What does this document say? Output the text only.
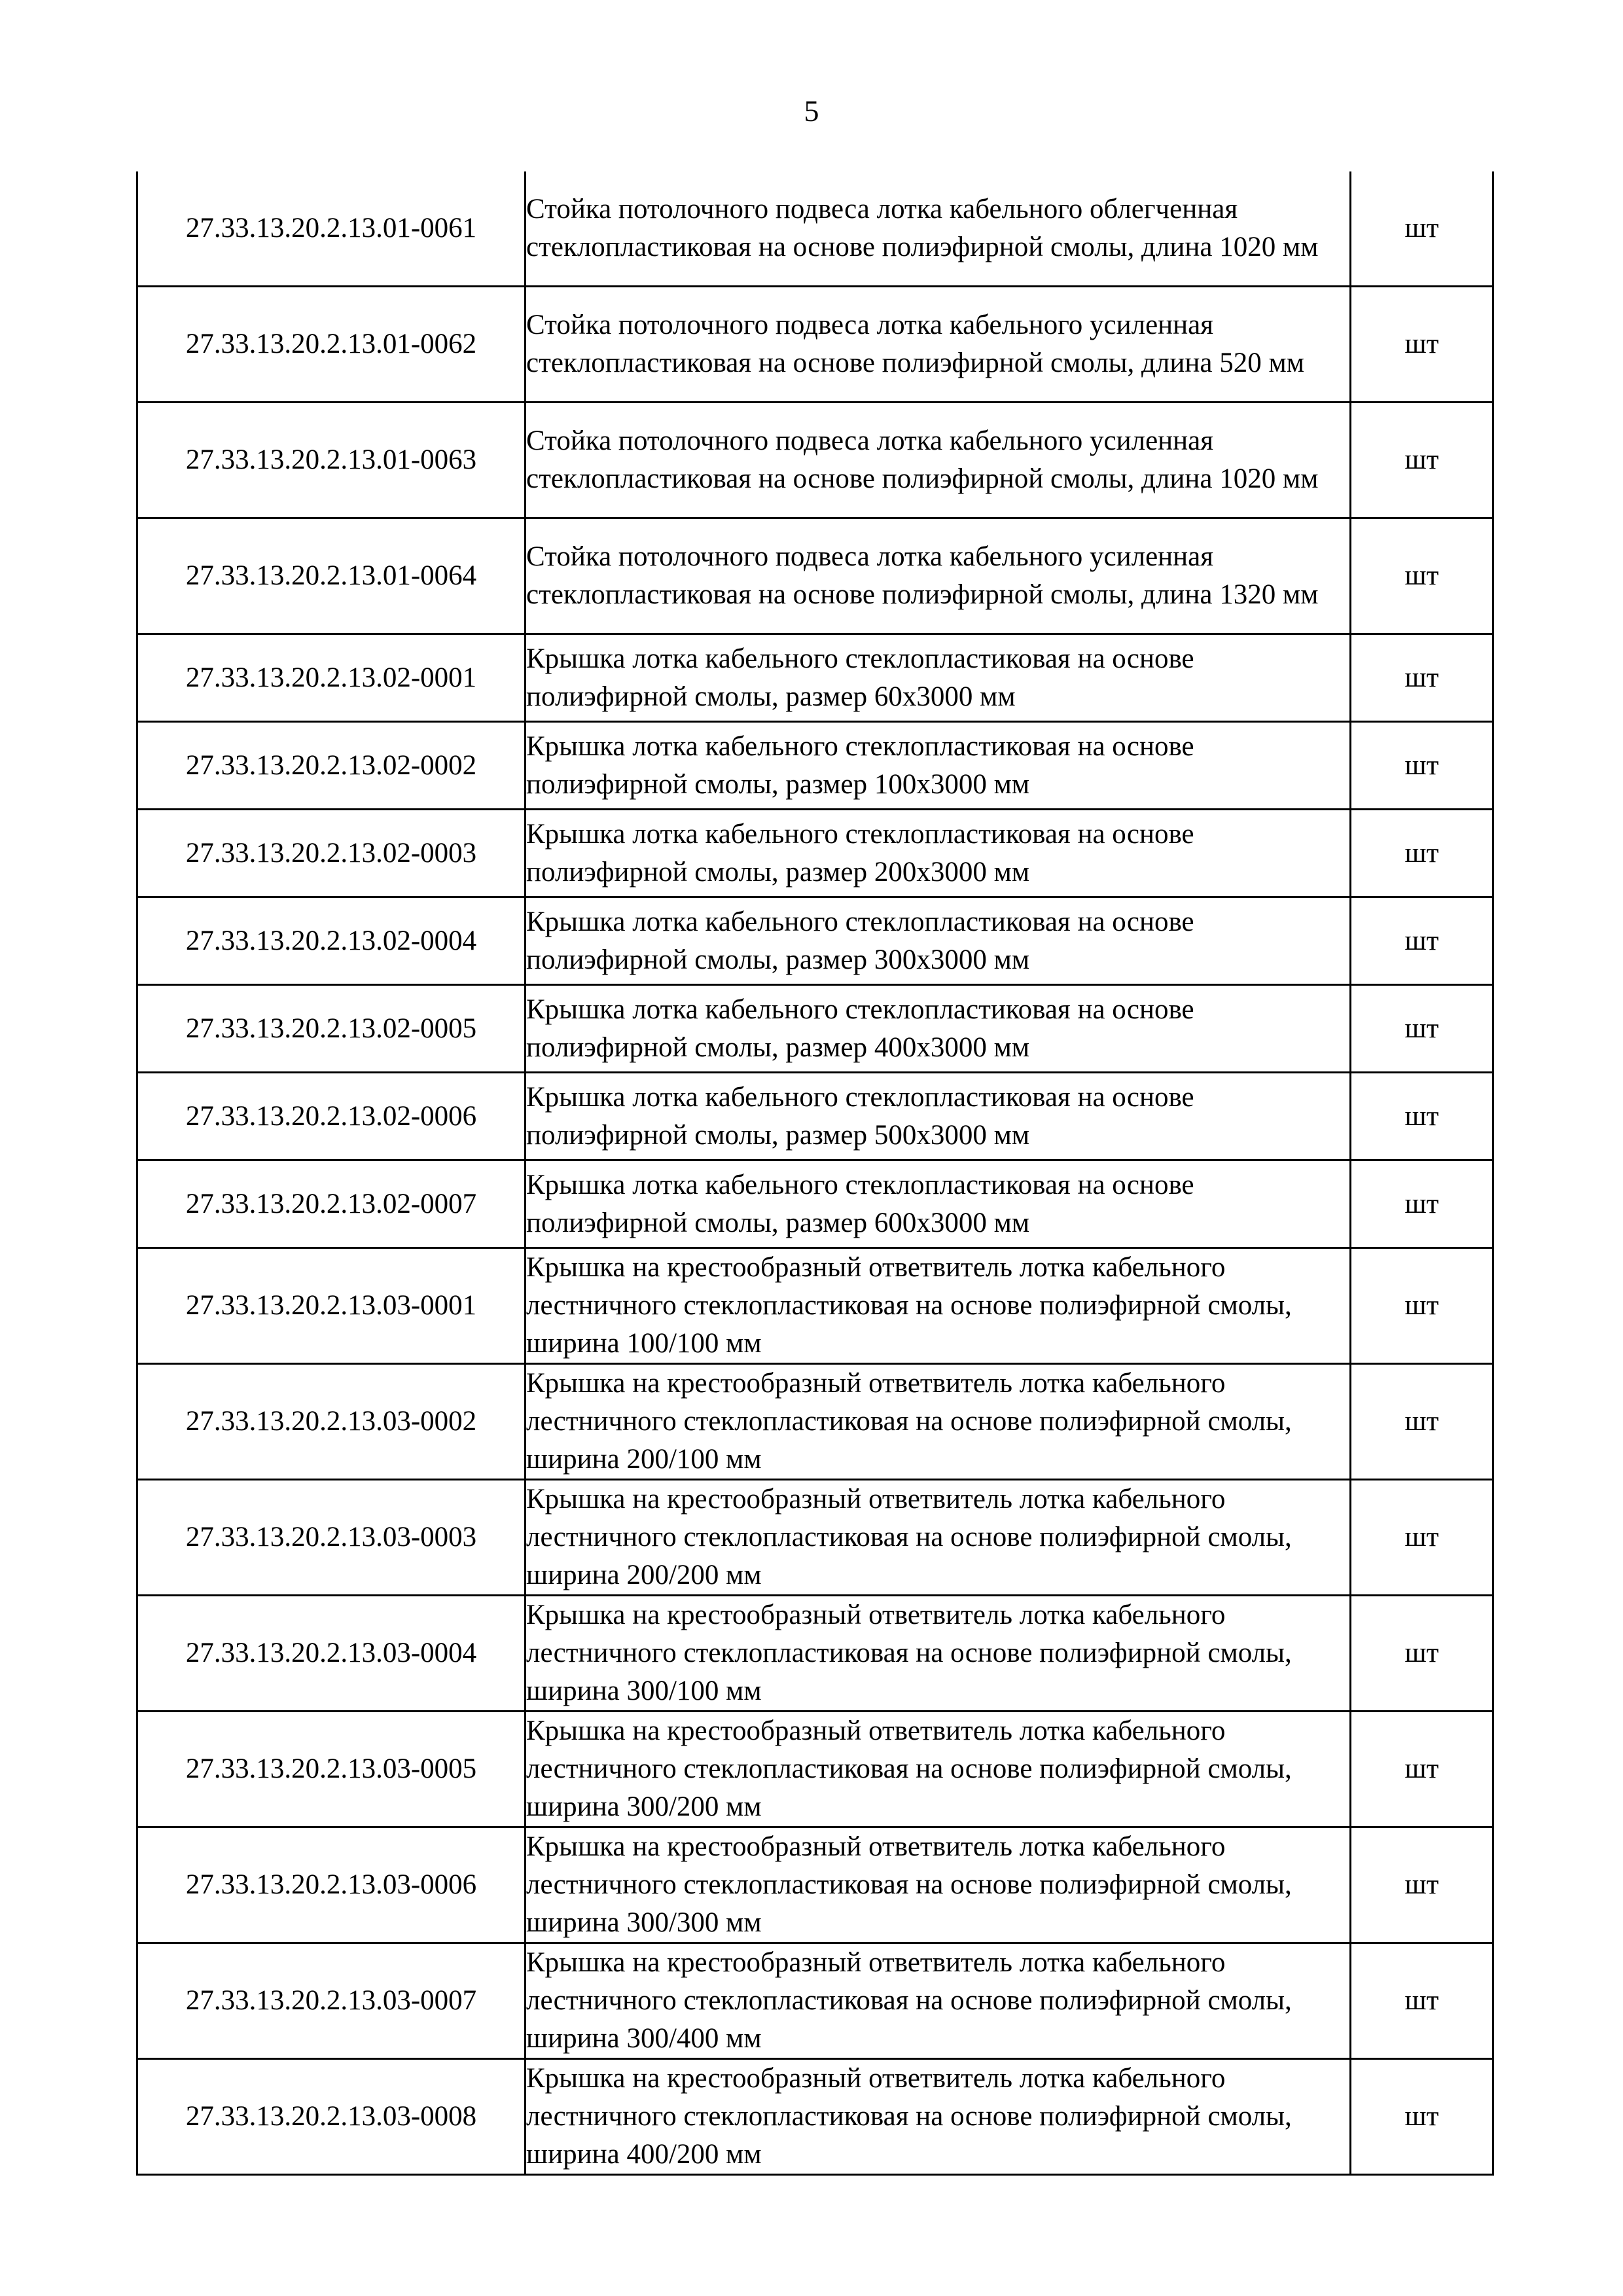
5
27.33.13.20.2.13.01-0061	Стойка потолочного подвеса лотка кабельного облегченная стеклопластиковая на основе полиэфирной смолы, длина 1020 мм	шт
27.33.13.20.2.13.01-0062	Стойка потолочного подвеса лотка кабельного усиленная стеклопластиковая на основе полиэфирной смолы, длина 520 мм	шт
27.33.13.20.2.13.01-0063	Стойка потолочного подвеса лотка кабельного усиленная стеклопластиковая на основе полиэфирной смолы, длина 1020 мм	шт
27.33.13.20.2.13.01-0064	Стойка потолочного подвеса лотка кабельного усиленная стеклопластиковая на основе полиэфирной смолы, длина 1320 мм	шт
27.33.13.20.2.13.02-0001	Крышка лотка кабельного стеклопластиковая на основе полиэфирной смолы, размер 60х3000 мм	шт
27.33.13.20.2.13.02-0002	Крышка лотка кабельного стеклопластиковая на основе полиэфирной смолы, размер 100х3000 мм	шт
27.33.13.20.2.13.02-0003	Крышка лотка кабельного стеклопластиковая на основе полиэфирной смолы, размер 200х3000 мм	шт
27.33.13.20.2.13.02-0004	Крышка лотка кабельного стеклопластиковая на основе полиэфирной смолы, размер 300х3000 мм	шт
27.33.13.20.2.13.02-0005	Крышка лотка кабельного стеклопластиковая на основе полиэфирной смолы, размер 400х3000 мм	шт
27.33.13.20.2.13.02-0006	Крышка лотка кабельного стеклопластиковая на основе полиэфирной смолы, размер 500х3000 мм	шт
27.33.13.20.2.13.02-0007	Крышка лотка кабельного стеклопластиковая на основе полиэфирной смолы, размер 600х3000 мм	шт
27.33.13.20.2.13.03-0001	Крышка на крестообразный ответвитель лотка кабельного лестничного стеклопластиковая на основе полиэфирной смолы, ширина 100/100 мм	шт
27.33.13.20.2.13.03-0002	Крышка на крестообразный ответвитель лотка кабельного лестничного стеклопластиковая на основе полиэфирной смолы, ширина 200/100 мм	шт
27.33.13.20.2.13.03-0003	Крышка на крестообразный ответвитель лотка кабельного лестничного стеклопластиковая на основе полиэфирной смолы, ширина 200/200 мм	шт
27.33.13.20.2.13.03-0004	Крышка на крестообразный ответвитель лотка кабельного лестничного стеклопластиковая на основе полиэфирной смолы, ширина 300/100 мм	шт
27.33.13.20.2.13.03-0005	Крышка на крестообразный ответвитель лотка кабельного лестничного стеклопластиковая на основе полиэфирной смолы, ширина 300/200 мм	шт
27.33.13.20.2.13.03-0006	Крышка на крестообразный ответвитель лотка кабельного лестничного стеклопластиковая на основе полиэфирной смолы, ширина 300/300 мм	шт
27.33.13.20.2.13.03-0007	Крышка на крестообразный ответвитель лотка кабельного лестничного стеклопластиковая на основе полиэфирной смолы, ширина 300/400 мм	шт
27.33.13.20.2.13.03-0008	Крышка на крестообразный ответвитель лотка кабельного лестничного стеклопластиковая на основе полиэфирной смолы, ширина 400/200 мм	шт
